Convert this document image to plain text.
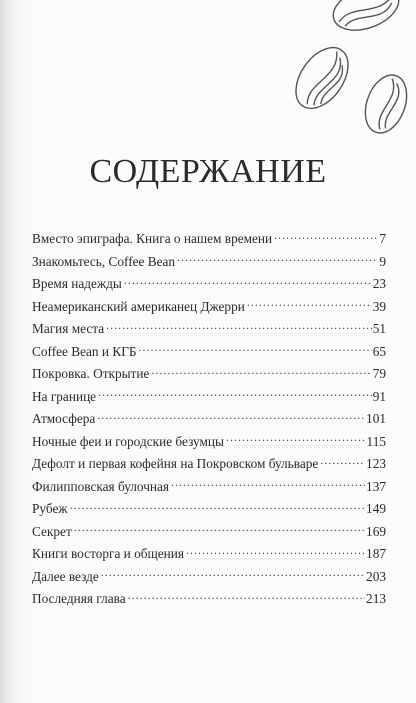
СОДЕРЖАНИЕ
Вместо эпиграфа. Книга о нашем времени .....	7
Знакомьтесь, Coffee Bean .....	9
Время надежды .....	23
Неамериканский американец Джерри .....	39
Магия места .....	51
Coffee Bean и КГБ .....	65
Покровка. Открытие .....	79
На границе .....	91
Атмосфера .....	101
Ночные феи и городские безумцы .....	115
Дефолт и первая кофейня на Покровском бульваре .....	123
Филипповская булочная .....	137
Рубеж .....	149
Секрет .....	169
Книги восторга и общения .....	187
Далее везде .....	203
Последняя глава .....	213
